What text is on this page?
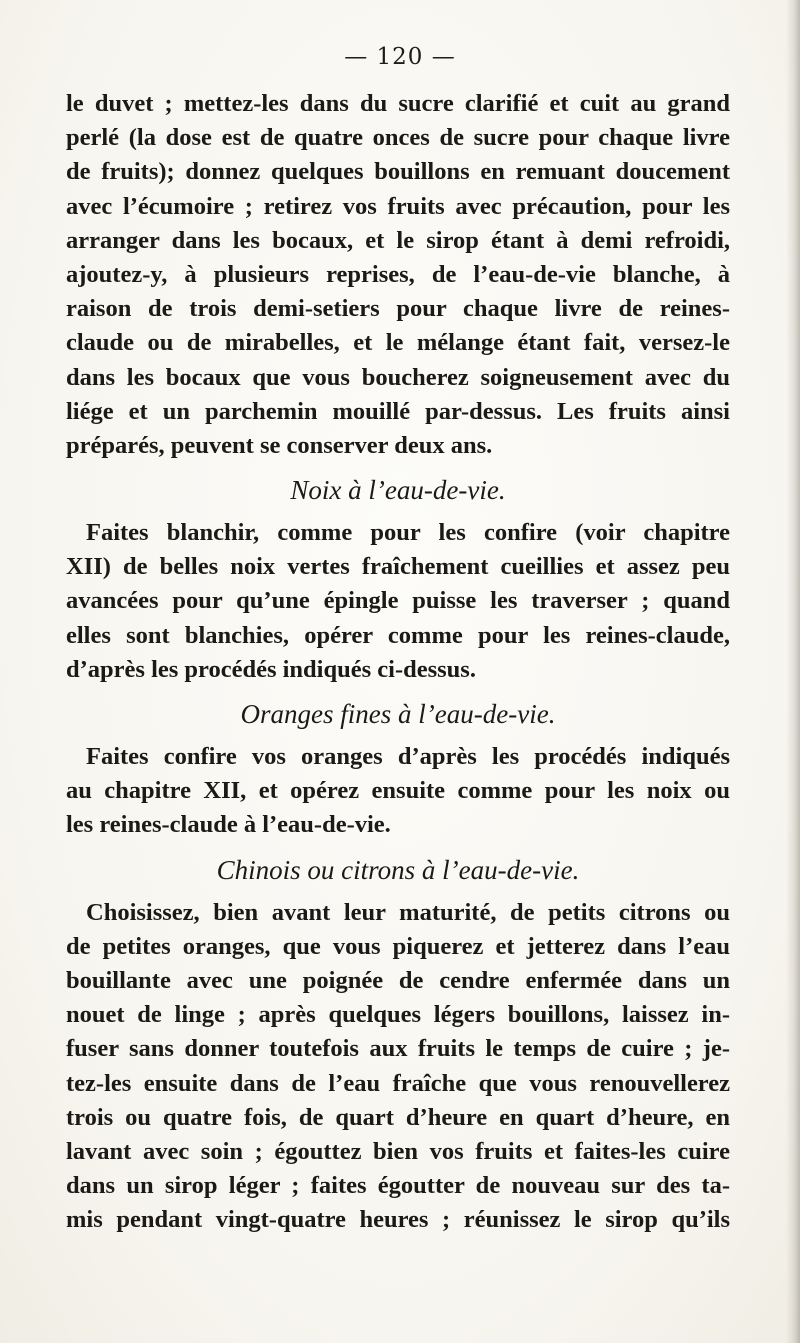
— 120 —
le duvet ; mettez-les dans du sucre clarifié et cuit au grand
perlé (la dose est de quatre onces de sucre pour chaque livre
de fruits); donnez quelques bouillons en remuant doucement
avec l’écumoire ; retirez vos fruits avec précaution, pour les
arranger dans les bocaux, et le sirop étant à demi refroidi,
ajoutez-y, à plusieurs reprises, de l’eau-de-vie blanche, à
raison de trois demi-setiers pour chaque livre de reines-
claude ou de mirabelles, et le mélange étant fait, versez-le
dans les bocaux que vous boucherez soigneusement avec du
liége et un parchemin mouillé par-dessus. Les fruits ainsi
préparés, peuvent se conserver deux ans.
Noix à l’eau-de-vie.
Faites blanchir, comme pour les confire (voir chapitre
XII) de belles noix vertes fraîchement cueillies et assez peu
avancées pour qu’une épingle puisse les traverser ; quand
elles sont blanchies, opérer comme pour les reines-claude,
d’après les procédés indiqués ci-dessus.
Oranges fines à l’eau-de-vie.
Faites confire vos oranges d’après les procédés indiqués
au chapitre XII, et opérez ensuite comme pour les noix ou
les reines-claude à l’eau-de-vie.
Chinois ou citrons à l’eau-de-vie.
Choisissez, bien avant leur maturité, de petits citrons ou
de petites oranges, que vous piquerez et jetterez dans l’eau
bouillante avec une poignée de cendre enfermée dans un
nouet de linge ; après quelques légers bouillons, laissez in-
fuser sans donner toutefois aux fruits le temps de cuire ; je-
tez-les ensuite dans de l’eau fraîche que vous renouvellerez
trois ou quatre fois, de quart d’heure en quart d’heure, en
lavant avec soin ; égouttez bien vos fruits et faites-les cuire
dans un sirop léger ; faites égoutter de nouveau sur des ta-
mis pendant vingt-quatre heures ; réunissez le sirop qu’ils
